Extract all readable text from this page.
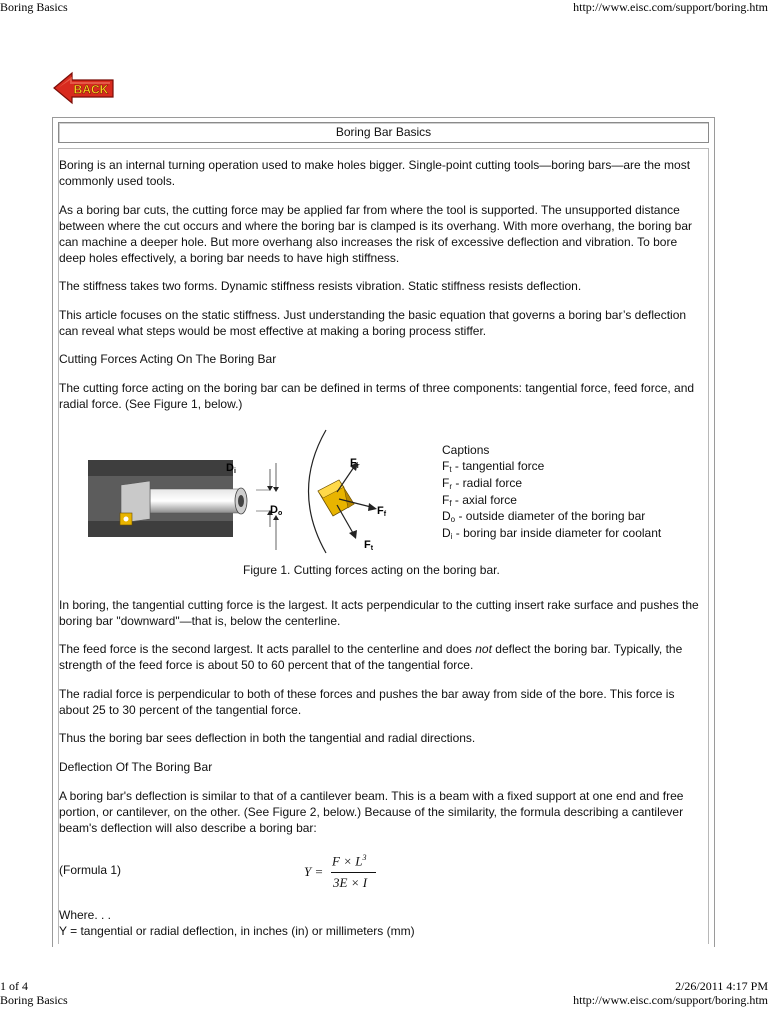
Boring Basics	http://www.eisc.com/support/boring.htm
BACK
Boring Bar Basics
Boring is an internal turning operation used to make holes bigger. Single-point cutting tools—boring bars—are the most commonly used tools.
As a boring bar cuts, the cutting force may be applied far from where the tool is supported. The unsupported distance between where the cut occurs and where the boring bar is clamped is its overhang. With more overhang, the boring bar can machine a deeper hole. But more overhang also increases the risk of excessive deflection and vibration. To bore deep holes effectively, a boring bar needs to have high stiffness.
The stiffness takes two forms. Dynamic stiffness resists vibration. Static stiffness resists deflection.
This article focuses on the static stiffness. Just understanding the basic equation that governs a boring bar’s deflection can reveal what steps would be most effective at making a boring process stiffer.
Cutting Forces Acting On The Boring Bar
The cutting force acting on the boring bar can be defined in terms of three components: tangential force, feed force, and radial force. (See Figure 1, below.)
Di
Do
Fr
Ff
Ft
Captions
$F_t$ - tangential force
$F_r$ - radial force
$F_f$ - axial force
$D_o$ - outside diameter of the boring bar
$D_i$ - boring bar inside diameter for coolant
Figure 1. Cutting forces acting on the boring bar.
In boring, the tangential cutting force is the largest. It acts perpendicular to the cutting insert rake surface and pushes the boring bar "downward"—that is, below the centerline.
The feed force is the second largest. It acts parallel to the centerline and does not deflect the boring bar. Typically, the strength of the feed force is about 50 to 60 percent that of the tangential force.
The radial force is perpendicular to both of these forces and pushes the bar away from side of the bore. This force is about 25 to 30 percent of the tangential force.
Thus the boring bar sees deflection in both the tangential and radial directions.
Deflection Of The Boring Bar
A boring bar's deflection is similar to that of a cantilever beam. This is a beam with a fixed support at one end and free portion, or cantilever, on the other. (See Figure 2, below.) Because of the similarity, the formula describing a cantilever beam's deflection will also describe a boring bar:
(Formula 1)	Y =
$F \times L^3$
3E × I
Where. . .
Y = tangential or radial deflection, in inches (in) or millimeters (mm)
1 of 4	2/26/2011 4:17 PM
Boring Basics	http://www.eisc.com/support/boring.htm
